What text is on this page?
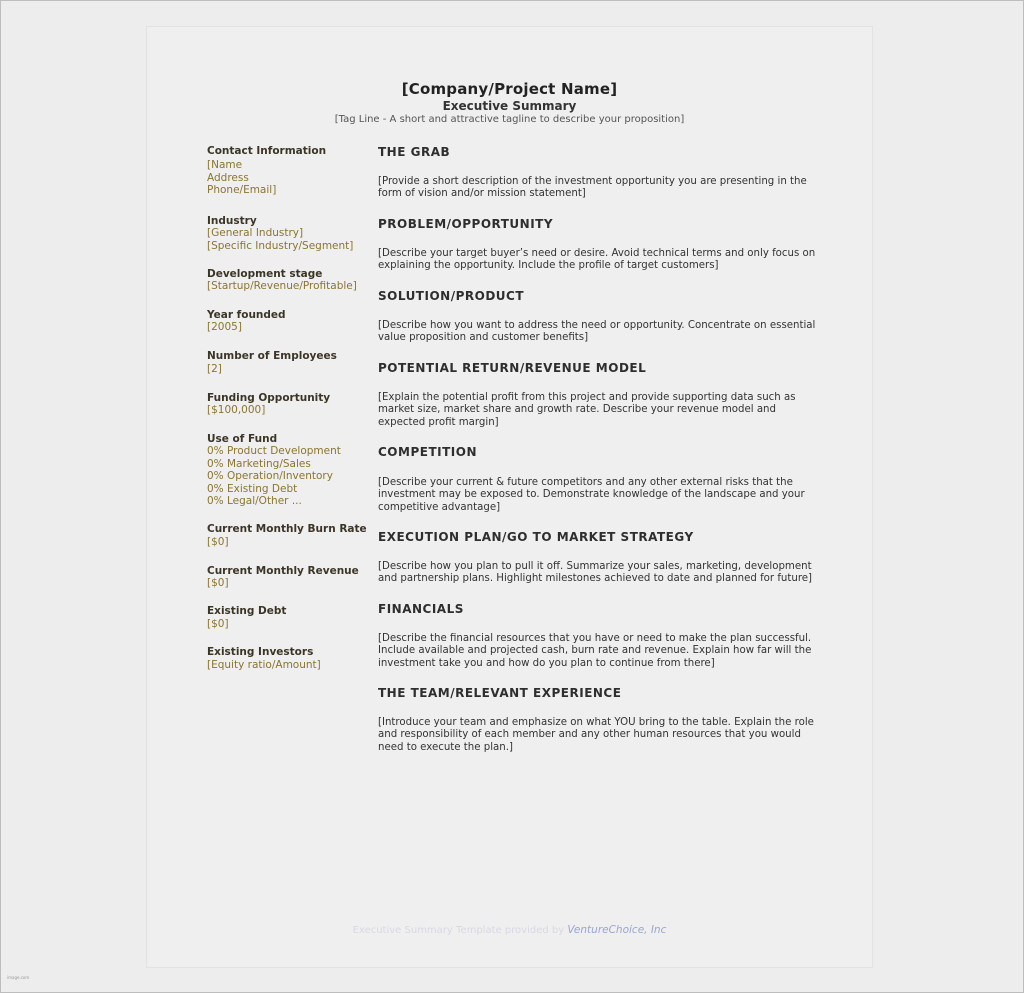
[Company/Project Name]
Executive Summary
[Tag Line - A short and attractive tagline to describe your proposition]
Contact Information
[Name
Address
Phone/Email]
Industry
[General Industry]
[Specific Industry/Segment]
Development stage
[Startup/Revenue/Profitable]
Year founded
[2005]
Number of Employees
[2]
Funding Opportunity
[$100,000]
Use of Fund
0% Product Development
0% Marketing/Sales
0% Operation/Inventory
0% Existing Debt
0% Legal/Other ...
Current Monthly Burn Rate
[$0]
Current Monthly Revenue
[$0]
Existing Debt
[$0]
Existing Investors
[Equity ratio/Amount]
THE GRAB
[Provide a short description of the investment opportunity you are presenting in the form of vision and/or mission statement]
PROBLEM/OPPORTUNITY
[Describe your target buyer’s need or desire. Avoid technical terms and only focus on explaining the opportunity. Include the profile of target customers]
SOLUTION/PRODUCT
[Describe how you want to address the need or opportunity. Concentrate on essential value proposition and customer benefits]
POTENTIAL RETURN/REVENUE MODEL
[Explain the potential profit from this project and provide supporting data such as market size, market share and growth rate. Describe your revenue model and expected profit margin]
COMPETITION
[Describe your current & future competitors and any other external risks that the investment may be exposed to. Demonstrate knowledge of the landscape and your competitive advantage]
EXECUTION PLAN/GO TO MARKET STRATEGY
[Describe how you plan to pull it off. Summarize your sales, marketing, development and partnership plans. Highlight milestones achieved to date and planned for future]
FINANCIALS
[Describe the financial resources that you have or need to make the plan successful. Include available and projected cash, burn rate and revenue. Explain how far will the investment take you and how do you plan to continue from there]
THE TEAM/RELEVANT EXPERIENCE
[Introduce your team and emphasize on what YOU bring to the table. Explain the role and responsibility of each member and any other human resources that you would need to execute the plan.]
Executive Summary Template provided by VentureChoice, Inc
image.com
